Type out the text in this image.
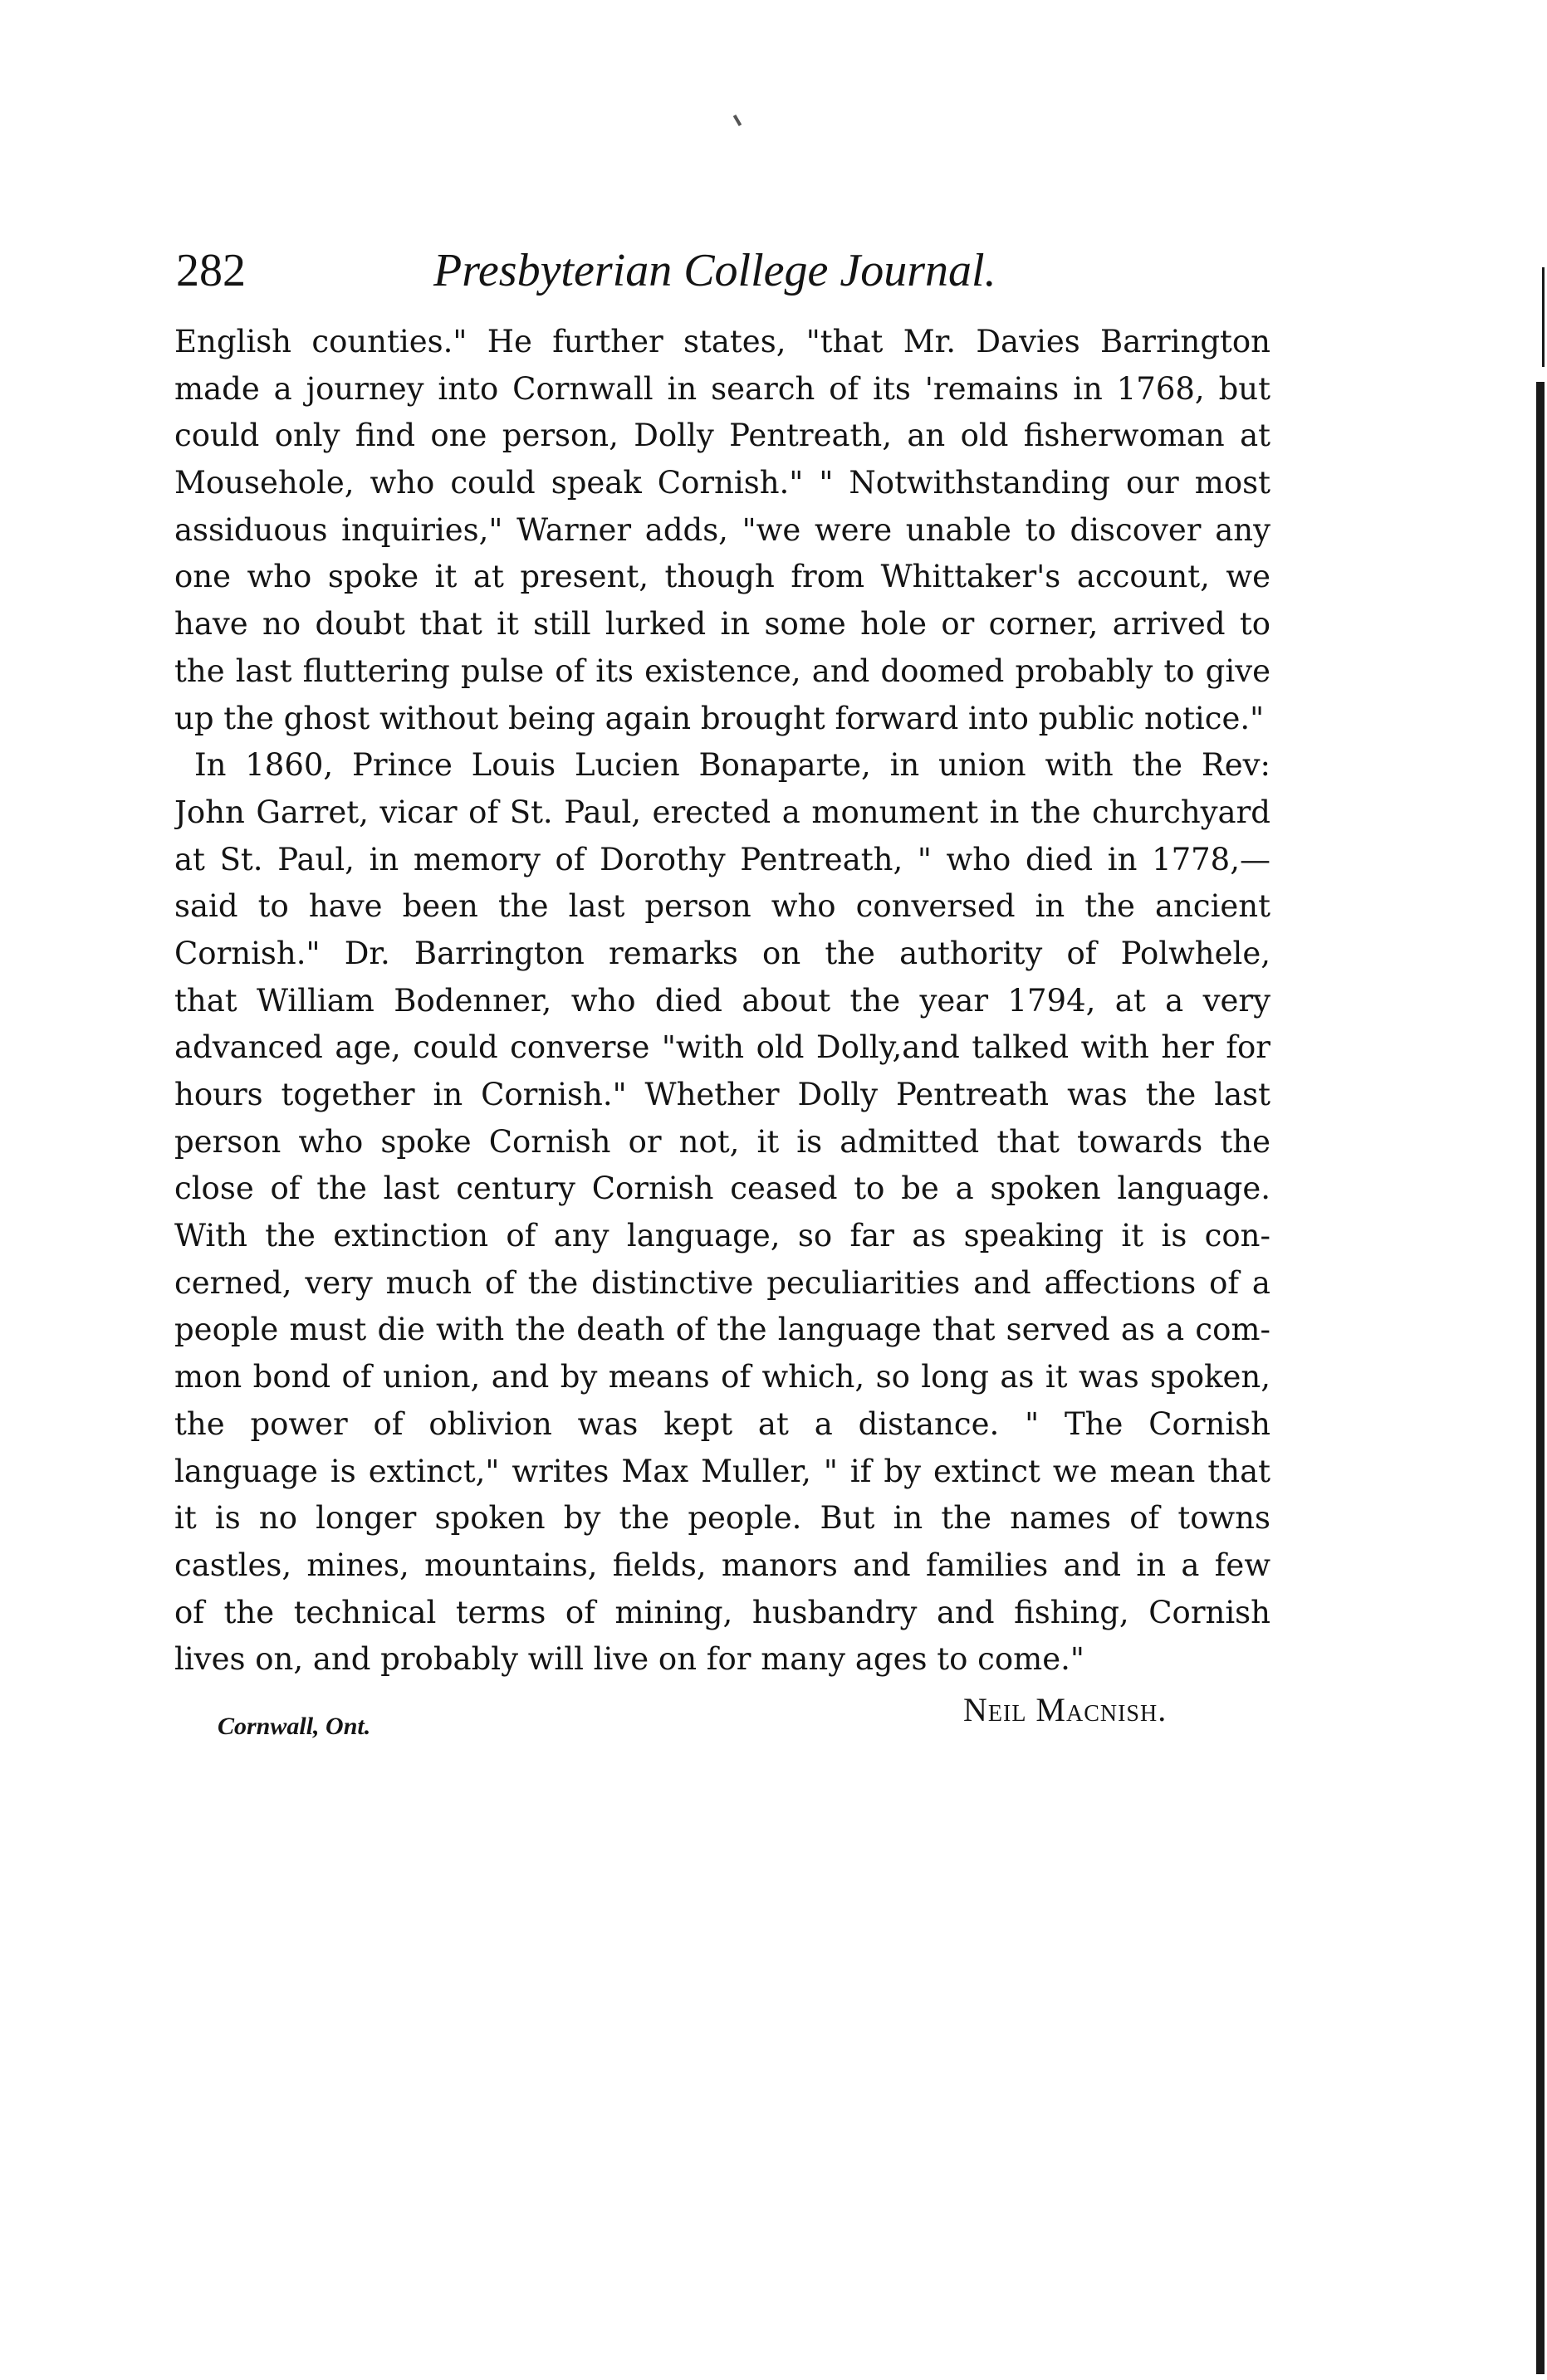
282	Presbyterian College Journal.
English counties." He further states, "that Mr. Davies Barrington
made a journey into Cornwall in search of its 'remains in 1768, but
could only find one person, Dolly Pentreath, an old fisherwoman at
Mousehole, who could speak Cornish." " Notwithstanding our most
assiduous inquiries," Warner adds, "we were unable to discover any
one who spoke it at present, though from Whittaker's account, we
have no doubt that it still lurked in some hole or corner, arrived to
the last fluttering pulse of its existence, and doomed probably to give
up the ghost without being again brought forward into public notice."
In 1860, Prince Louis Lucien Bonaparte, in union with the Rev:
John Garret, vicar of St. Paul, erected a monument in the churchyard
at St. Paul, in memory of Dorothy Pentreath, " who died in 1778,—
said to have been the last person who conversed in the ancient
Cornish." Dr. Barrington remarks on the authority of Polwhele,
that William Bodenner, who died about the year 1794, at a very
advanced age, could converse "with old Dolly,and talked with her for
hours together in Cornish." Whether Dolly Pentreath was the last
person who spoke Cornish or not, it is admitted that towards the
close of the last century Cornish ceased to be a spoken language.
With the extinction of any language, so far as speaking it is con-
cerned, very much of the distinctive peculiarities and affections of a
people must die with the death of the language that served as a com-
mon bond of union, and by means of which, so long as it was spoken,
the power of oblivion was kept at a distance. " The Cornish
language is extinct," writes Max Muller, " if by extinct we mean that
it is no longer spoken by the people. But in the names of towns
castles, mines, mountains, fields, manors and families and in a few
of the technical terms of mining, husbandry and fishing, Cornish
lives on, and probably will live on for many ages to come."
Neil Macnish.
Cornwall, Ont.
